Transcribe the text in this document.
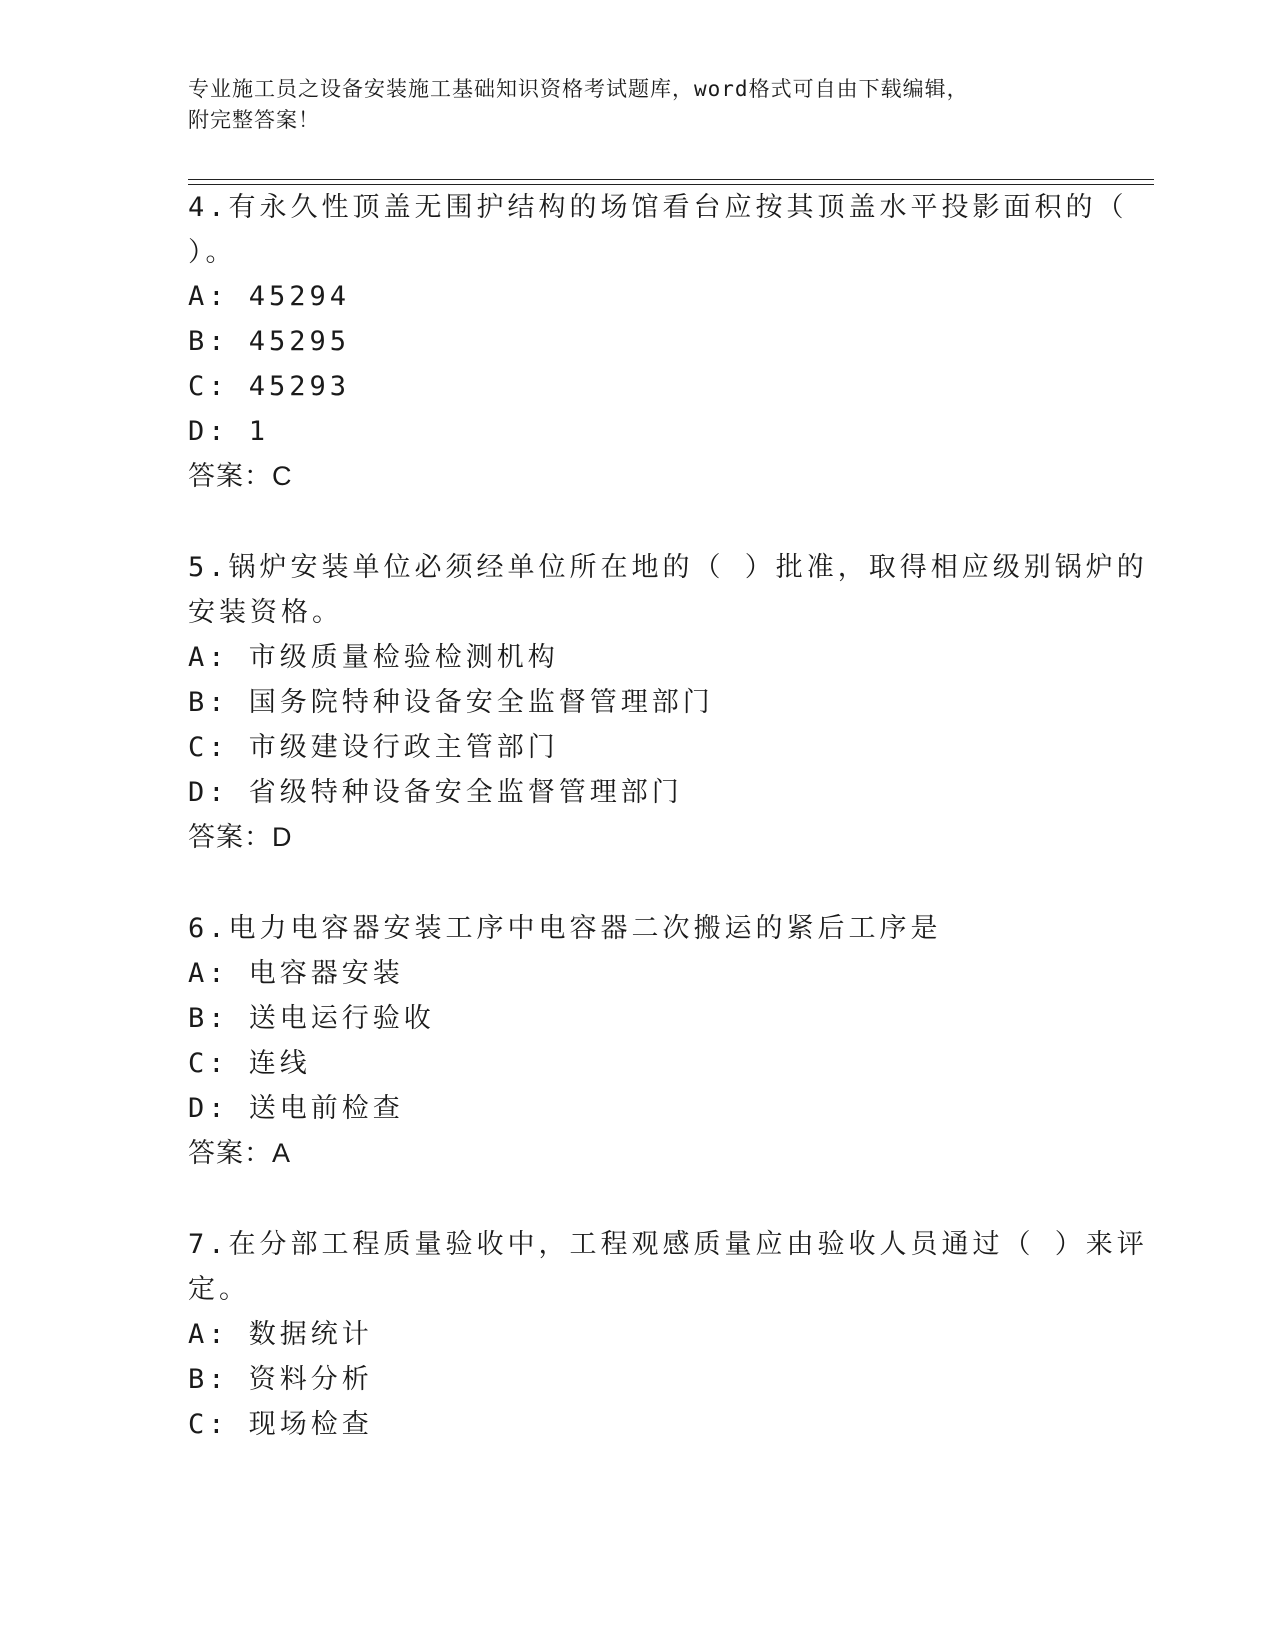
专业施工员之设备安装施工基础知识资格考试题库，word格式可自由下载编辑，
附完整答案！
4.有永久性顶盖无围护结构的场馆看台应按其顶盖水平投影面积的（
）。
A: 45294
B: 45295
C: 45293
D: 1
答案：C
5.锅炉安装单位必须经单位所在地的（ ）批准，取得相应级别锅炉的
安装资格。
A: 市级质量检验检测机构
B: 国务院特种设备安全监督管理部门
C: 市级建设行政主管部门
D: 省级特种设备安全监督管理部门
答案：D
6.电力电容器安装工序中电容器二次搬运的紧后工序是
A: 电容器安装
B: 送电运行验收
C: 连线
D: 送电前检查
答案：A
7.在分部工程质量验收中，工程观感质量应由验收人员通过（ ）来评
定。
A: 数据统计
B: 资料分析
C: 现场检查
